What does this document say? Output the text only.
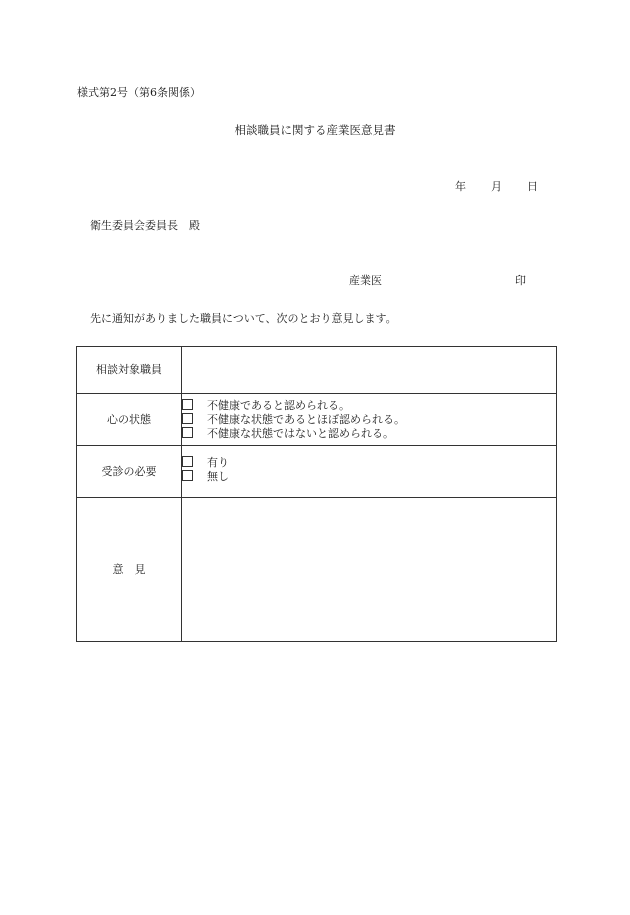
様式第2号（第6条関係）
相談職員に関する産業医意見書
年 月 日
衛生委員会委員長　殿
産業医	印
先に通知がありました職員について、次のとおり意見します。
相談対象職員	
心の状態	不健康であると認められる。
不健康な状態であるとほぼ認められる。
不健康な状態ではないと認められる。

受診の必要	有り
無し

意　見	
